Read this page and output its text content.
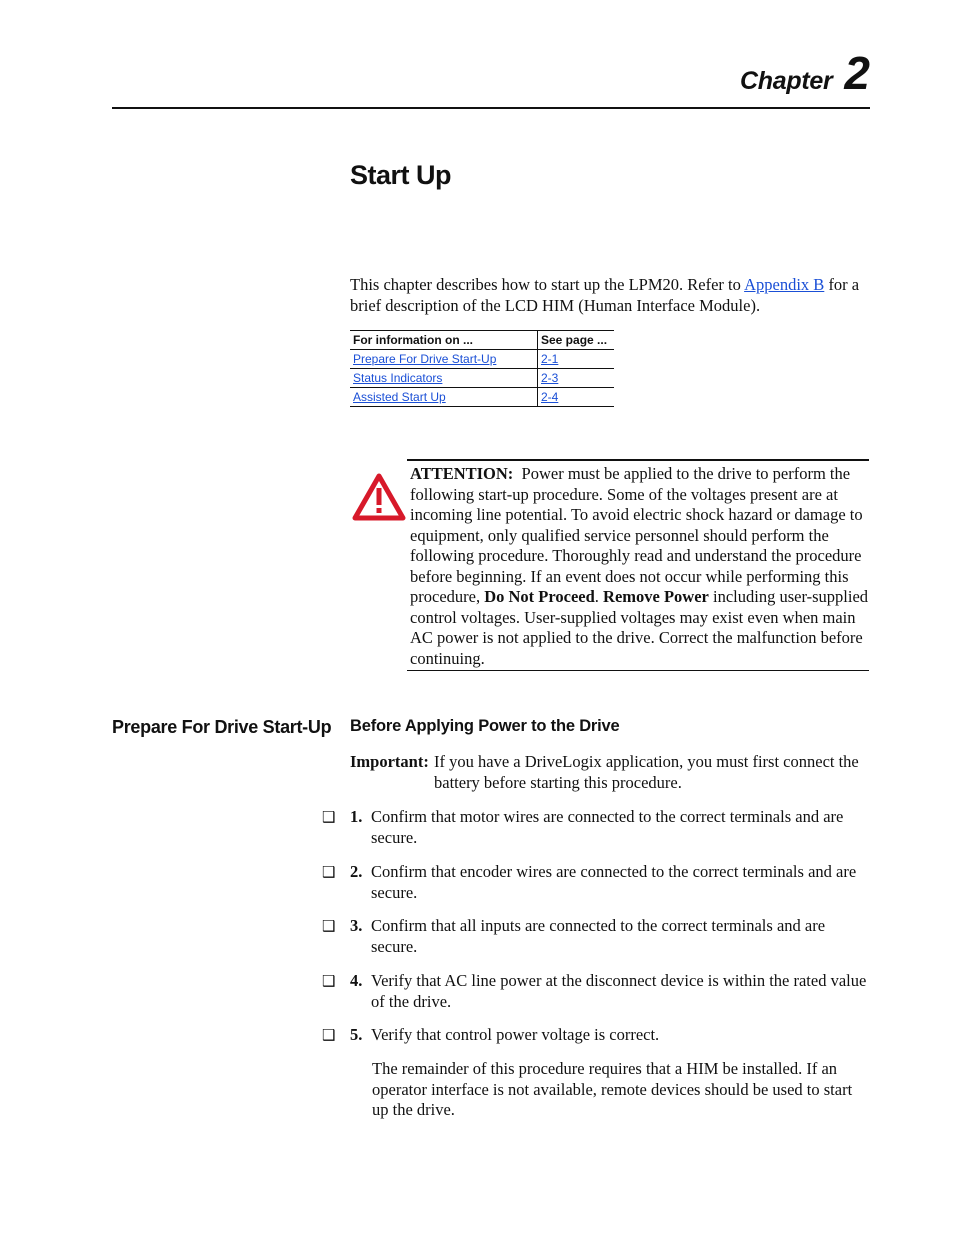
Chapter 2
Start Up
This chapter describes how to start up the LPM20. Refer to Appendix B for a brief description of the LCD HIM (Human Interface Module).
For information on ...	See page ...
Prepare For Drive Start-Up	2-1
Status Indicators	2-3
Assisted Start Up	2-4
ATTENTION: Power must be applied to the drive to perform the following start-up procedure. Some of the voltages present are at incoming line potential. To avoid electric shock hazard or damage to equipment, only qualified service personnel should perform the following procedure. Thoroughly read and understand the procedure before beginning. If an event does not occur while performing this procedure, Do Not Proceed. Remove Power including user-supplied control voltages. User-supplied voltages may exist even when main AC power is not applied to the drive. Correct the malfunction before continuing.
Prepare For Drive Start-Up Before Applying Power to the Drive
Important: If you have a DriveLogix application, you must first connect the battery before starting this procedure.
❑ 1. Confirm that motor wires are connected to the correct terminals and are secure.
❑ 2. Confirm that encoder wires are connected to the correct terminals and are secure.
❑ 3. Confirm that all inputs are connected to the correct terminals and are secure.
❑ 4. Verify that AC line power at the disconnect device is within the rated value of the drive.
❑ 5. Verify that control power voltage is correct.
The remainder of this procedure requires that a HIM be installed. If an operator interface is not available, remote devices should be used to start up the drive.
